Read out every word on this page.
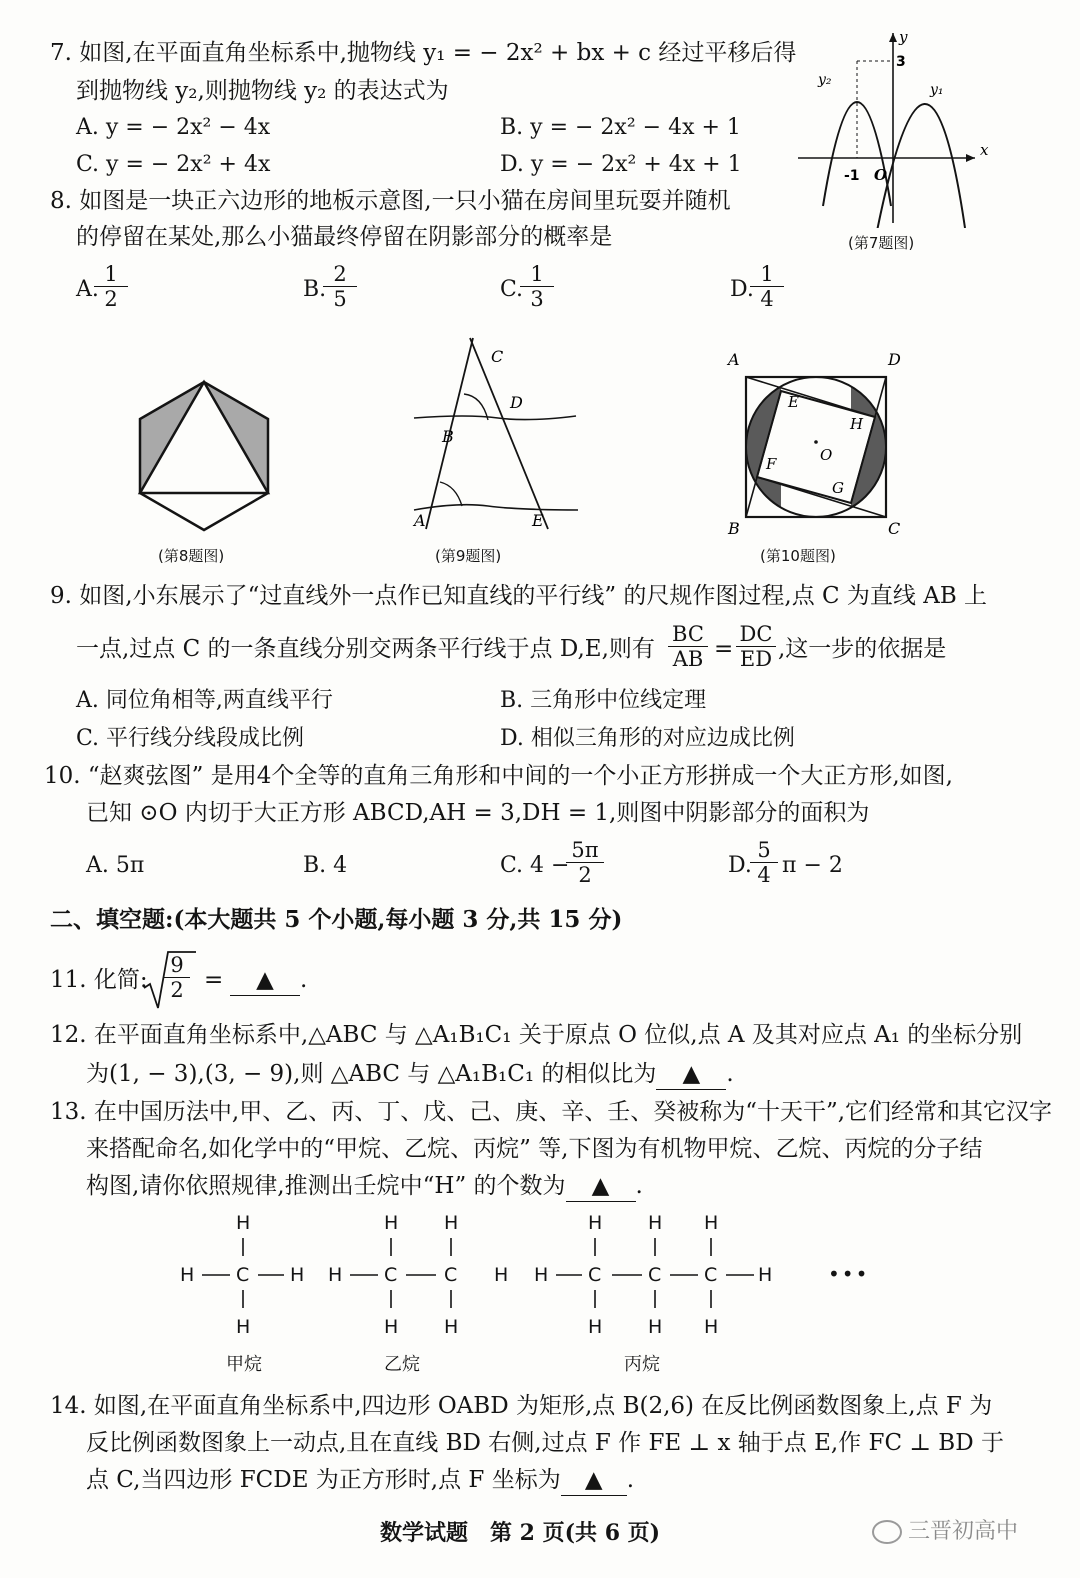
7. 如图,在平面直角坐标系中,抛物线 y₁ = − 2x² + bx + c 经过平移后得
到抛物线 y₂,则抛物线 y₂ 的表达式为
A. y = − 2x² − 4x	B. y = − 2x² − 4x + 1
C. y = − 2x² + 4x	D. y = − 2x² + 4x + 1
y
x
3
-1 O
y₁
y₂
(第7题图)
8. 如图是一块正六边形的地板示意图,一只小猫在房间里玩耍并随机
的停留在某处,那么小猫最终停留在阴影部分的概率是
A.
$\frac{1}{2}$	B.
$\frac{2}{5}$	C.
$\frac{1}{3}$	D.
$\frac{1}{4}$
(第8题图)
C
D
B
A	E
(第9题图)
A	D
B	C
E
H
F
G
O
(第10题图)
9. 如图,小东展示了“过直线外一点作已知直线的平行线” 的尺规作图过程,点 C 为直线 AB 上
一点,过点 C 的一条直线分别交两条平行线于点 D,E,则有 $\frac{BC}{AB} = \frac{DC}{ED}$ ,这一步的依据是
A. 同位角相等,两直线平行	B. 三角形中位线定理
C. 平行线分线段成比例	D. 相似三角形的对应边成比例
10. “赵爽弦图” 是用4个全等的直角三角形和中间的一个小正方形拼成一个大正方形,如图,
已知 ⊙O 内切于大正方形 ABCD,AH = 3,DH = 1,则图中阴影部分的面积为
A. 5π	B. 4	C. 4 −
$\frac{5\pi}{2}$	D.
$\frac{5}{4}$ π − 2
二、填空题:(本大题共 5 个小题,每小题 3 分,共 15 分)
11. 化简: $\frac{9}{2}$ =	▲ .
12. 在平面直角坐标系中,△ABC 与 △A₁B₁C₁ 关于原点 O 位似,点 A 及其对应点 A₁ 的坐标分别
为(1, − 3),(3, − 9),则 △ABC 与 △A₁B₁C₁ 的相似比为 ▲ .
13. 在中国历法中,甲、乙、丙、丁、戊、己、庚、辛、壬、癸被称为“十天干”,它们经常和其它汉字
来搭配命名,如化学中的“甲烷、乙烷、丙烷” 等,下图为有机物甲烷、乙烷、丙烷的分子结
构图,请你依照规律,推测出壬烷中“H” 的个数为 ▲ .
H
H C H
H
H H
H C C H
H H
H H H
H C C C H
H H H
•••
甲烷	乙烷	丙烷
14. 如图,在平面直角坐标系中,四边形 OABD 为矩形,点 B(2,6) 在反比例函数图象上,点 F 为
反比例函数图象上一动点,且在直线 BD 右侧,过点 F 作 FE ⊥ x 轴于点 E,作 FC ⊥ BD 于
点 C,当四边形 FCDE 为正方形时,点 F 坐标为 ▲ .
数学试题　第 2 页(共 6 页)	三晋初高中
